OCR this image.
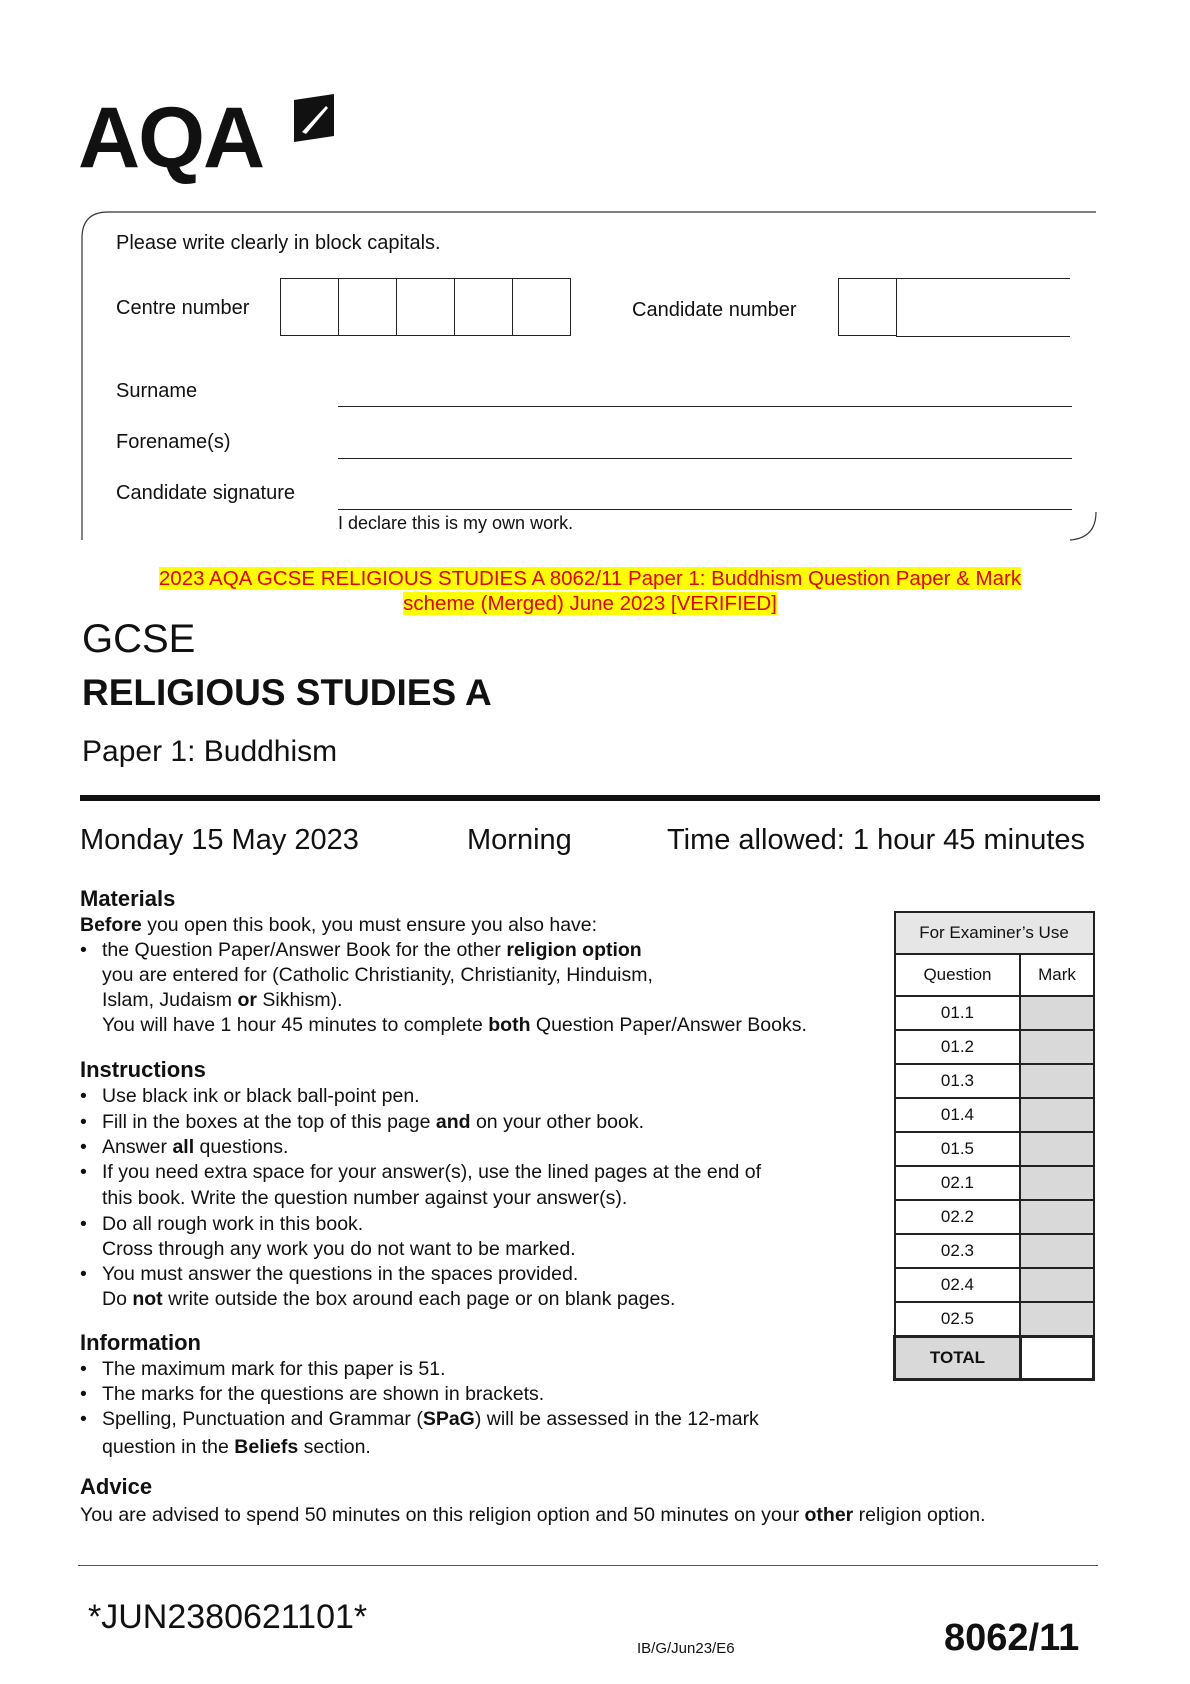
AQA
Please write clearly in block capitals.
Centre number	Candidate number
Surname
Forename(s)
Candidate signature
I declare this is my own work.
2023 AQA GCSE RELIGIOUS STUDIES A 8062/11 Paper 1: Buddhism Question Paper & Mark
scheme (Merged) June 2023 [VERIFIED]
GCSE
RELIGIOUS STUDIES A
Paper 1: Buddhism
Monday 15 May 2023	Morning	Time allowed: 1 hour 45 minutes
Materials
Before you open this book, you must ensure you also have:
• the Question Paper/Answer Book for the other religion option
you are entered for (Catholic Christianity, Christianity, Hinduism,
Islam, Judaism or Sikhism).
You will have 1 hour 45 minutes to complete both Question Paper/Answer Books.
Instructions
• Use black ink or black ball-point pen.
• Fill in the boxes at the top of this page and on your other book.
• Answer all questions.
• If you need extra space for your answer(s), use the lined pages at the end of
this book. Write the question number against your answer(s).
• Do all rough work in this book.
Cross through any work you do not want to be marked.
• You must answer the questions in the spaces provided.
Do not write outside the box around each page or on blank pages.
Information
• The maximum mark for this paper is 51.
• The marks for the questions are shown in brackets.
• Spelling, Punctuation and Grammar (SPaG) will be assessed in the 12-mark
question in the Beliefs section.
Advice
You are advised to spend 50 minutes on this religion option and 50 minutes on your other religion option.
For Examiner’s Use	
Question	Mark
01.1	
01.2	
01.3	
01.4	
01.5	
02.1	
02.2	
02.3	
02.4	
02.5	
TOTAL	
*JUN2380621101*
IB/G/Jun23/E6	8062/11
